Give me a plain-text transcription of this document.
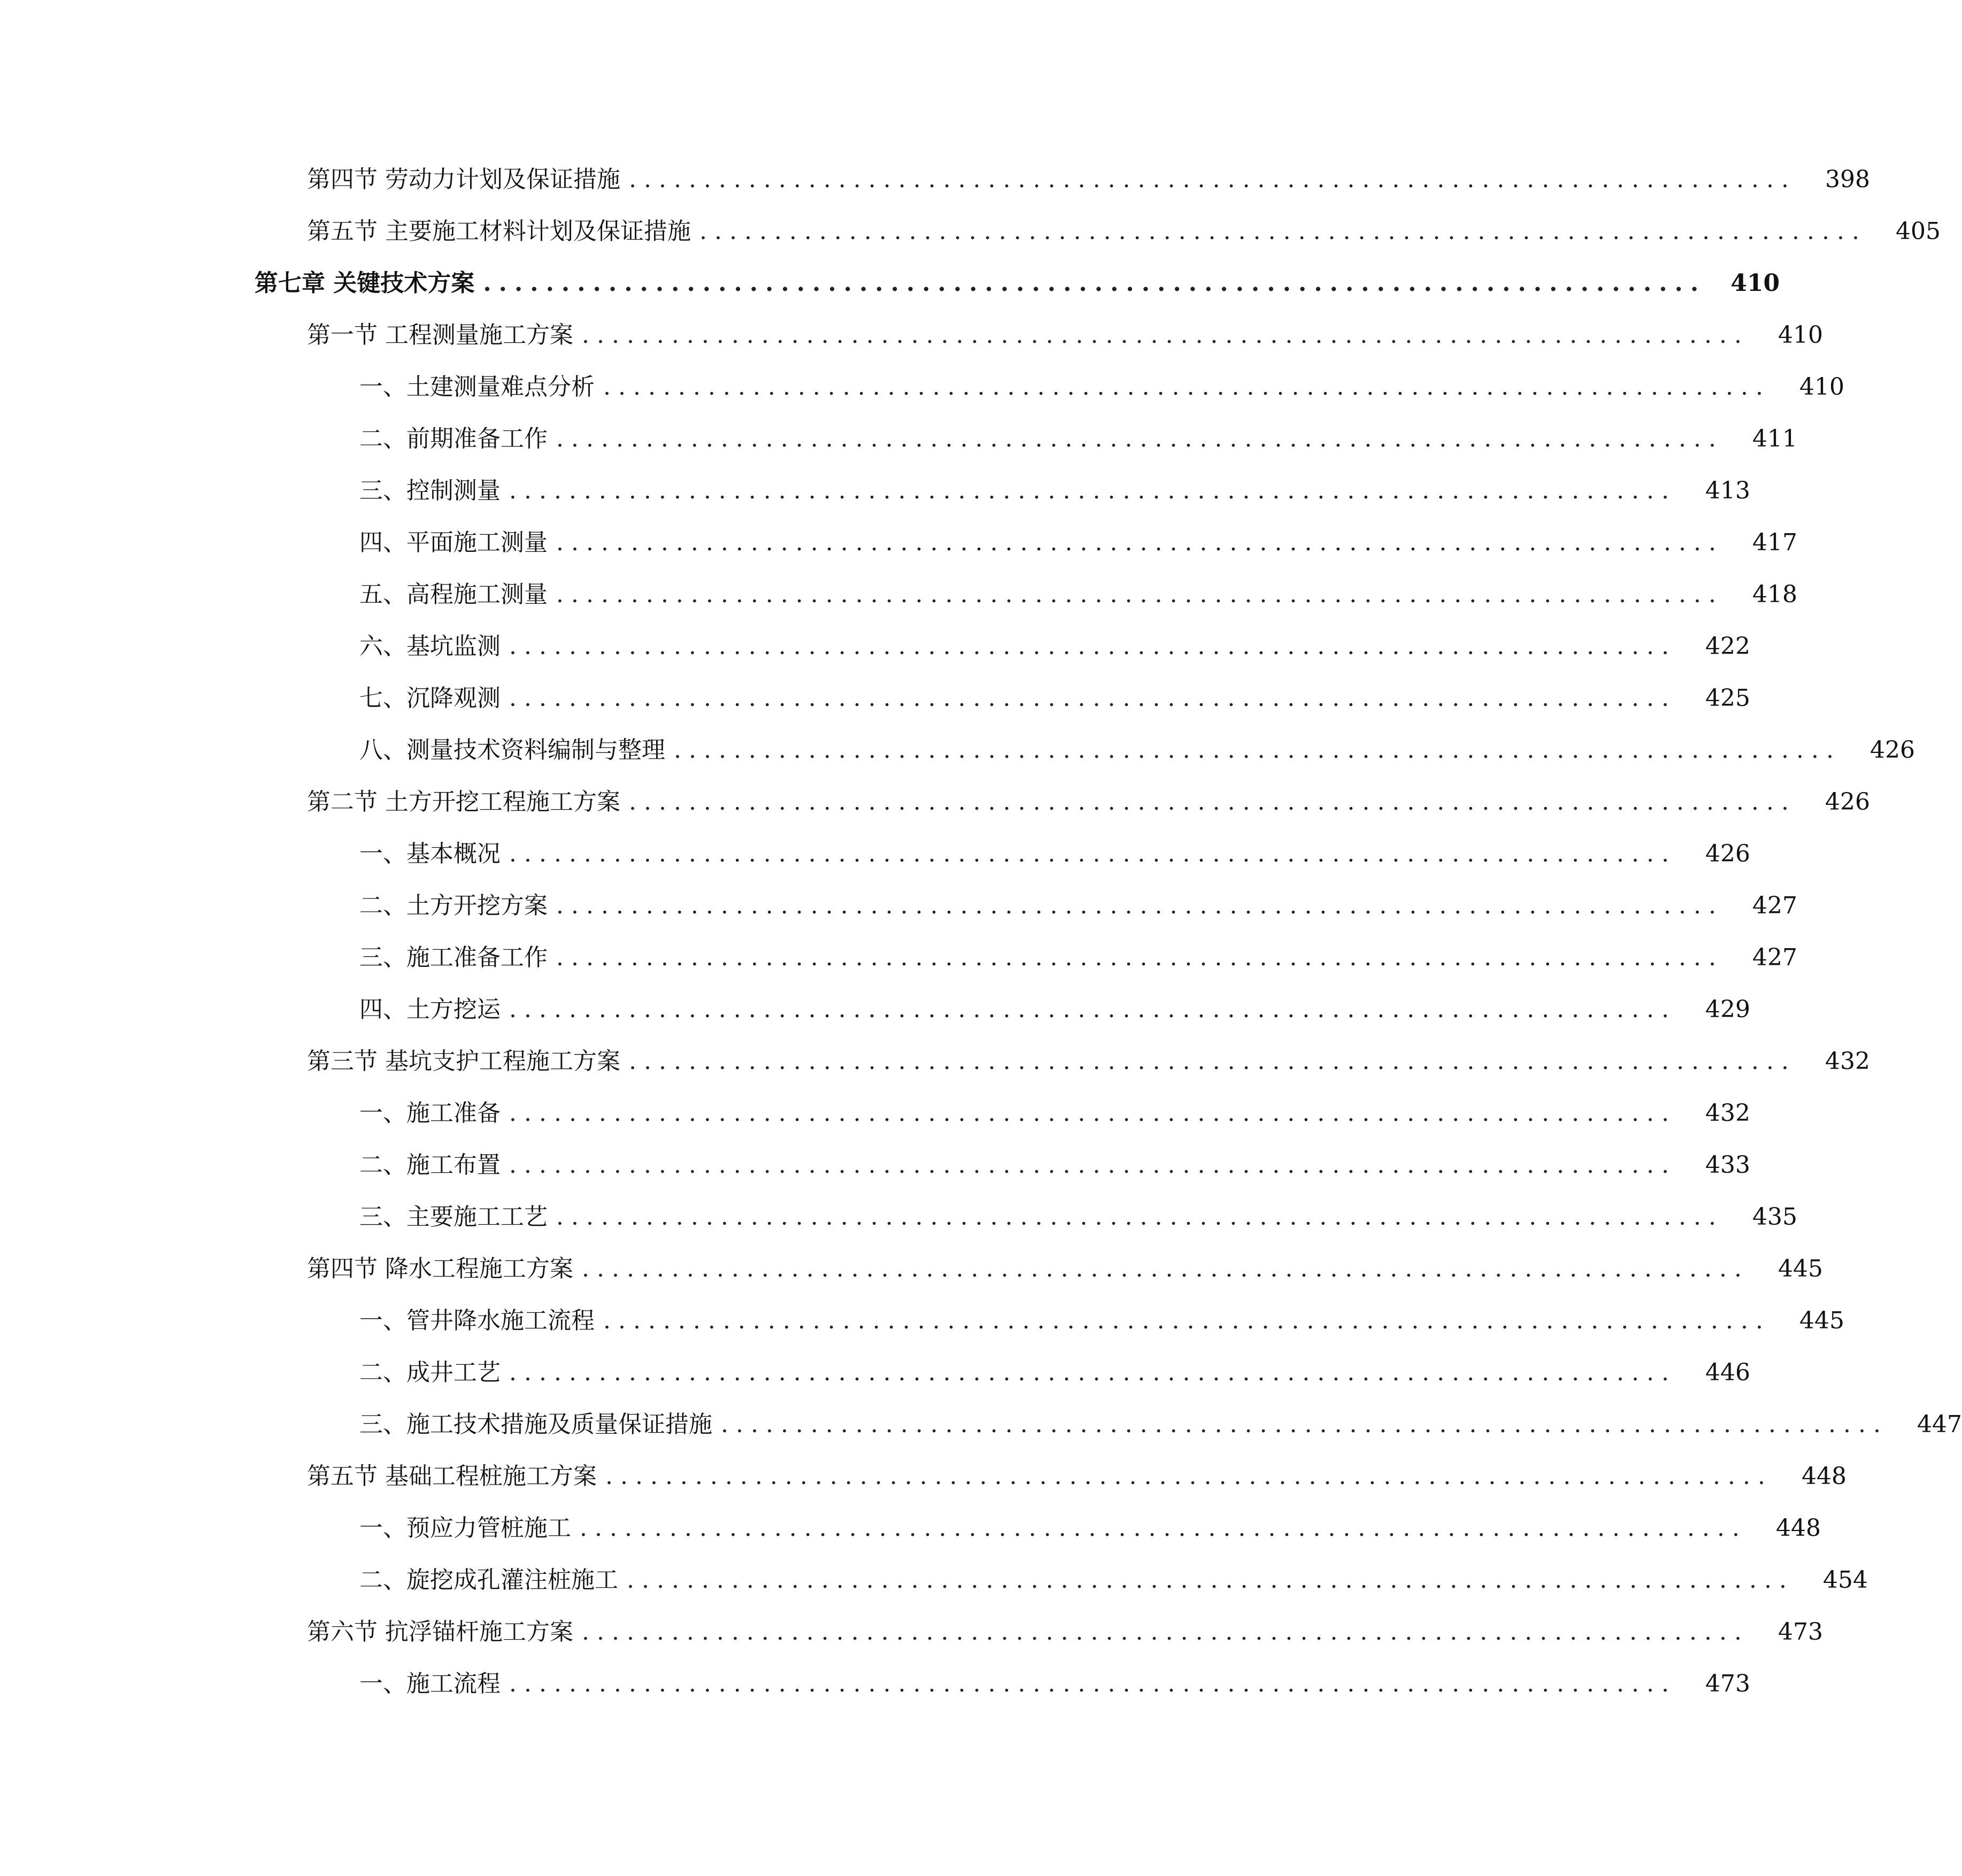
第四节 劳动力计划及保证措施 ..............................................................................	398
第五节 主要施工材料计划及保证措施 ..............................................................................	405
第七章 关键技术方案 ..............................................................................	410
第一节 工程测量施工方案 ..............................................................................	410
一、土建测量难点分析 ..............................................................................	410
二、前期准备工作 ..............................................................................	411
三、控制测量 ..............................................................................	413
四、平面施工测量 ..............................................................................	417
五、高程施工测量 ..............................................................................	418
六、基坑监测 ..............................................................................	422
七、沉降观测 ..............................................................................	425
八、测量技术资料编制与整理 ..............................................................................	426
第二节 土方开挖工程施工方案 ..............................................................................	426
一、基本概况 ..............................................................................	426
二、土方开挖方案 ..............................................................................	427
三、施工准备工作 ..............................................................................	427
四、土方挖运 ..............................................................................	429
第三节 基坑支护工程施工方案 ..............................................................................	432
一、施工准备 ..............................................................................	432
二、施工布置 ..............................................................................	433
三、主要施工工艺 ..............................................................................	435
第四节 降水工程施工方案 ..............................................................................	445
一、管井降水施工流程 ..............................................................................	445
二、成井工艺 ..............................................................................	446
三、施工技术措施及质量保证措施 ..............................................................................	447
第五节 基础工程桩施工方案 ..............................................................................	448
一、预应力管桩施工 ..............................................................................	448
二、旋挖成孔灌注桩施工 ..............................................................................	454
第六节 抗浮锚杆施工方案 ..............................................................................	473
一、施工流程 ..............................................................................	473
